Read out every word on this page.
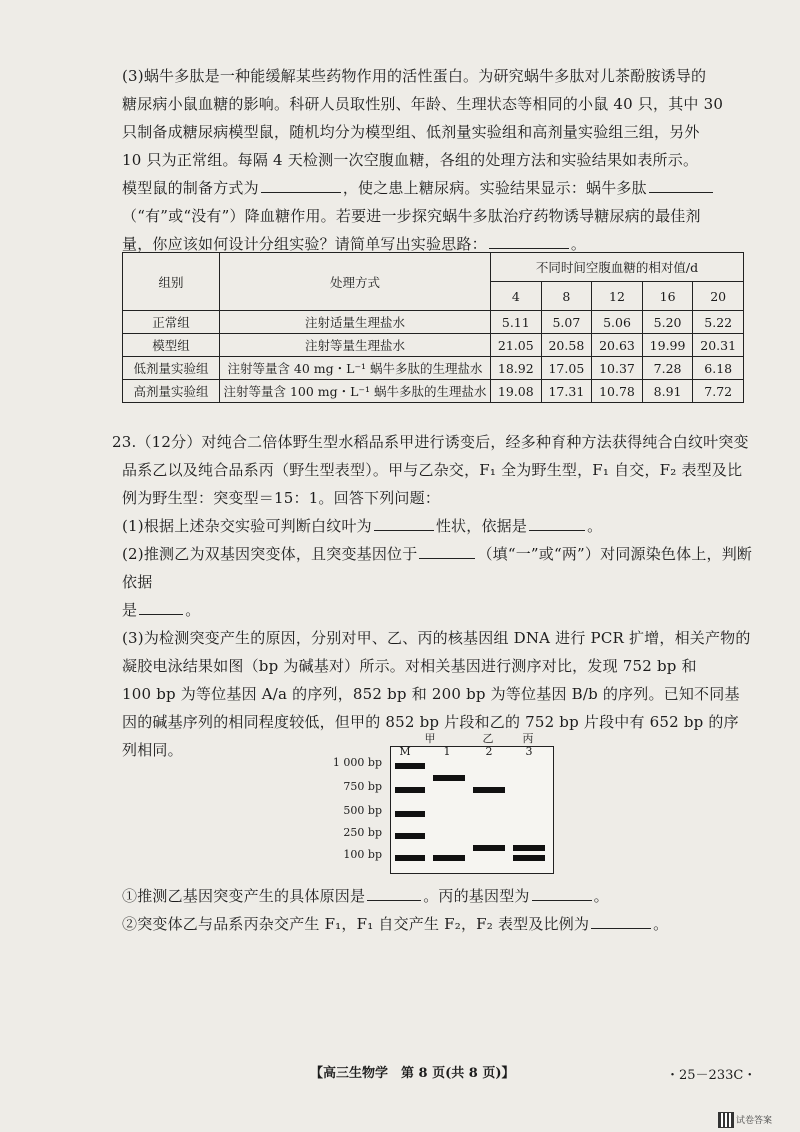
(3)蜗牛多肽是一种能缓解某些药物作用的活性蛋白。为研究蜗牛多肽对儿茶酚胺诱导的
糖尿病小鼠血糖的影响。科研人员取性别、年龄、生理状态等相同的小鼠 40 只，其中 30
只制备成糖尿病模型鼠，随机均分为模型组、低剂量实验组和高剂量实验组三组，另外
10 只为正常组。每隔 4 天检测一次空腹血糖，各组的处理方法和实验结果如表所示。
模型鼠的制备方式为	，使之患上糖尿病。实验结果显示：蜗牛多肽
（“有”或“没有”）降血糖作用。若要进一步探究蜗牛多肽治疗药物诱导糖尿病的最佳剂
量，你应该如何设计分组实验？请简单写出实验思路：	。
组别	处理方式	不同时间空腹血糖的相对值/d				
		4	8	12	16	20
正常组	注射适量生理盐水	5.11	5.07	5.06	5.20	5.22
模型组	注射等量生理盐水	21.05	20.58	20.63	19.99	20.31
低剂量实验组	注射等量含 40 mg・L⁻¹ 蜗牛多肽的生理盐水	18.92	17.05	10.37	7.28	6.18
高剂量实验组	注射等量含 100 mg・L⁻¹ 蜗牛多肽的生理盐水	19.08	17.31	10.78	8.91	7.72
23.（12分）对纯合二倍体野生型水稻品系甲进行诱变后，经多种育种方法获得纯合白纹叶突变
品系乙以及纯合品系丙（野生型表型）。甲与乙杂交，F₁ 全为野生型，F₁ 自交，F₂ 表型及比
例为野生型：突变型＝15：1。回答下列问题：
(1)根据上述杂交实验可判断白纹叶为	性状，依据是	。
(2)推测乙为双基因突变体，且突变基因位于	（填“一”或“两”）对同源染色体上，判断依据
是	。
(3)为检测突变产生的原因，分别对甲、乙、丙的核基因组 DNA 进行 PCR 扩增，相关产物的
凝胶电泳结果如图（bp 为碱基对）所示。对相关基因进行测序对比，发现 752 bp 和
100 bp 为等位基因 A/a 的序列，852 bp 和 200 bp 为等位基因 B/b 的序列。已知不同基
因的碱基序列的相同程度较低，但甲的 852 bp 片段和乙的 752 bp 片段中有 652 bp 的序
列相同。
甲	乙	丙
M	1	2	3
1 000 bp
750 bp
500 bp
250 bp
100 bp
①推测乙基因突变产生的具体原因是	。丙的基因型为	。
②突变体乙与品系丙杂交产生 F₁，F₁ 自交产生 F₂，F₂ 表型及比例为	。
【高三生物学　第 8 页(共 8 页)】	・25－233C・
试卷答案
